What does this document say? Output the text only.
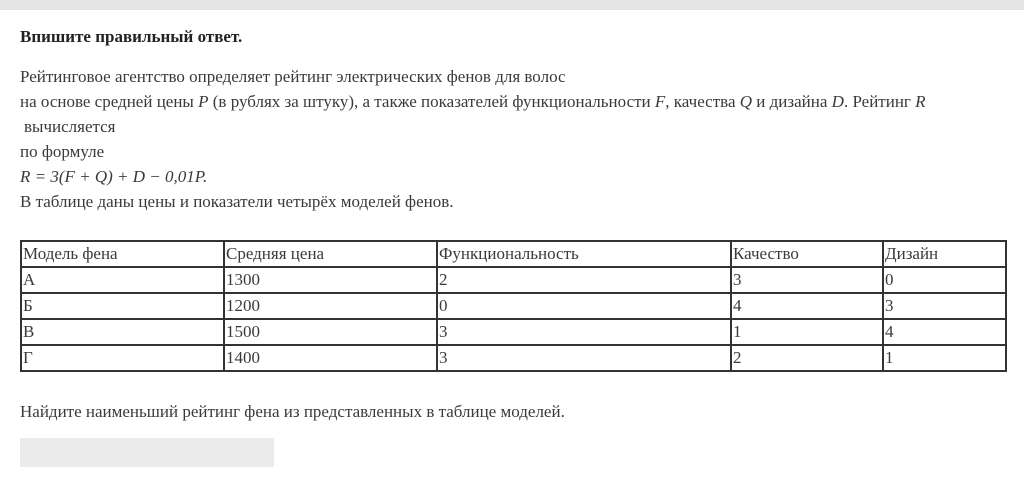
Впишите правильный ответ.
Рейтинговое агентство определяет рейтинг электрических фенов для волос
на основе средней цены P (в рублях за штуку), а также показателей функциональности F, качества Q и дизайна D. Рейтинг R
вычисляется
по формуле
R = 3(F + Q) + D − 0,01P.
В таблице даны цены и показатели четырёх моделей фенов.
Модель фена	Средняя цена	Функциональность	Качество	Дизайн
А	1300	2	3	0
Б	1200	0	4	3
В	1500	3	1	4
Г	1400	3	2	1
Найдите наименьший рейтинг фена из представленных в таблице моделей.
